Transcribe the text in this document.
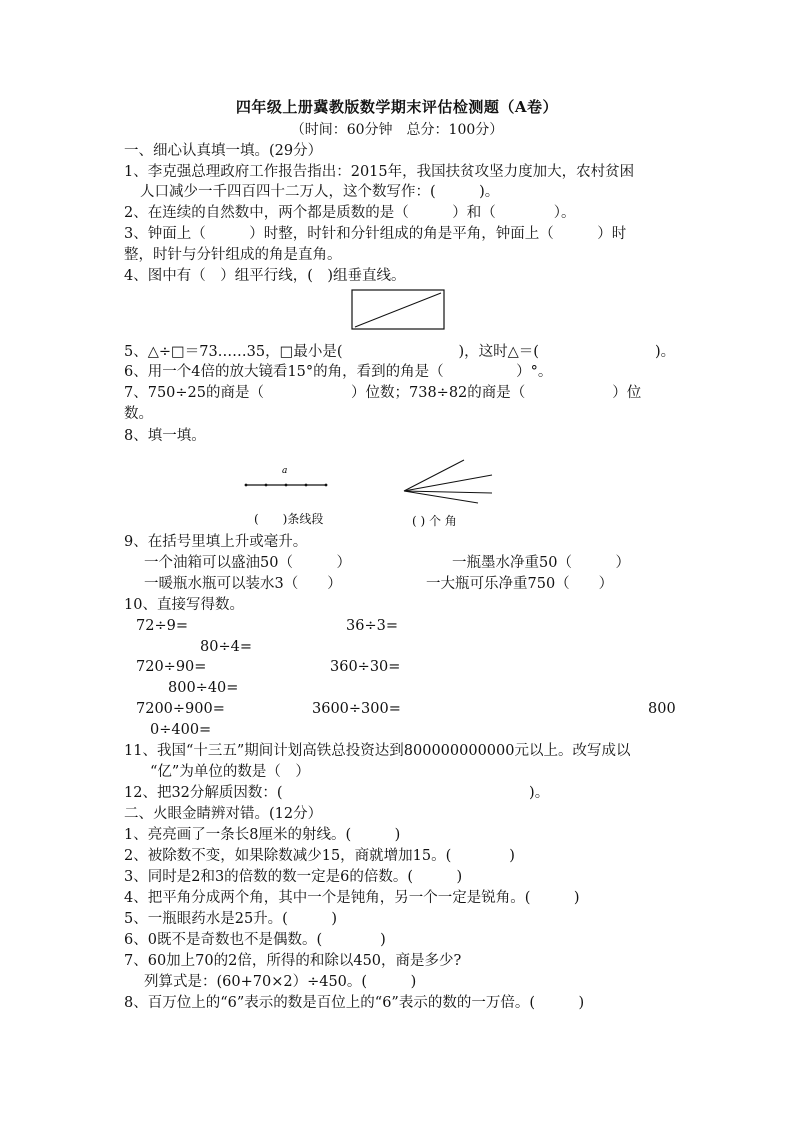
四年级上册冀教版数学期末评估检测题（A卷）
（时间：60分钟　总分：100分）
一、细心认真填一填。(29分）
1、李克强总理政府工作报告指出：2015年，我国扶贫攻坚力度加大，农村贫困
人口减少一千四百四十二万人，这个数写作：(　　　)。
2、在连续的自然数中，两个都是质数的是（　　　）和（　　　　）。
3、钟面上（　　　）时整，时针和分针组成的角是平角，钟面上（　　　）时
整，时针与分针组成的角是直角。
4、图中有（　）组平行线，(　)组垂直线。
5、△÷□＝73……35，□最小是(　　　　　　　　)，这时△＝(　　　　　　　　)。
6、用一个4倍的放大镜看15°的角，看到的角是（　　　　　）°。
7、750÷25的商是（　　　　　　）位数；738÷82的商是（　　　　　　）位
数。
8、填一填。
a
(　　)条线段	( ) 个 角
9、在括号里填上升或毫升。
一个油箱可以盛油50（　　　）	一瓶墨水净重50（　　　）
一暖瓶水瓶可以装水3（　　）	一大瓶可乐净重750（　　）
10、直接写得数。
72÷9=	36÷3=
80÷4=
720÷90=	360÷30=
800÷40=
7200÷900=	3600÷300=	800
0÷400=
11、我国“十三五”期间计划高铁总投资达到800000000000元以上。改写成以
“亿”为单位的数是（　）
12、把32分解质因数：(　　　　　　　　　　　　　　　　　)。
二、火眼金睛辨对错。(12分）
1、亮亮画了一条长8厘米的射线。(　　　)
2、被除数不变，如果除数减少15，商就增加15。(　　　　)
3、同时是2和3的倍数的数一定是6的倍数。(　　　)
4、把平角分成两个角，其中一个是钝角，另一个一定是锐角。(　　　)
5、一瓶眼药水是25升。(　　　)
6、0既不是奇数也不是偶数。(　　　　)
7、60加上70的2倍，所得的和除以450，商是多少?
列算式是：(60+70×2）÷450。(　　　)
8、百万位上的“6”表示的数是百位上的“6”表示的数的一万倍。(　　　)
